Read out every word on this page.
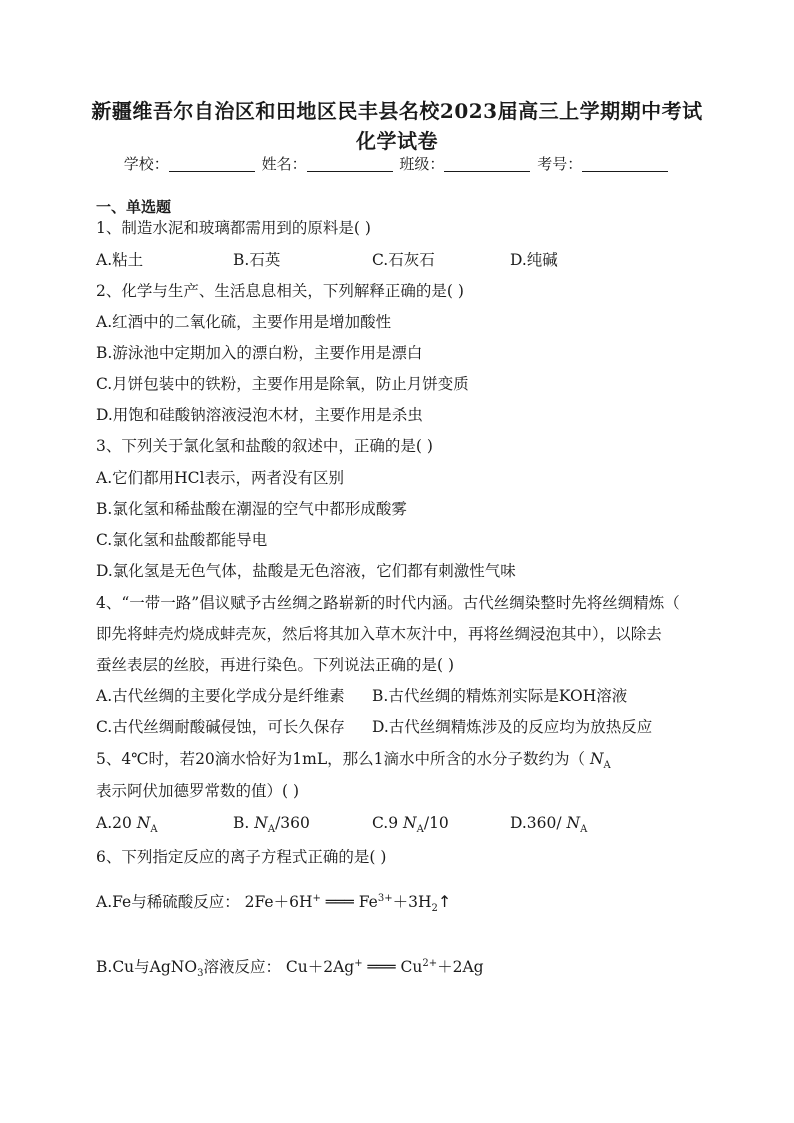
新疆维吾尔自治区和田地区民丰县名校2023届高三上学期期中考试
化学试卷
学校：	姓名：	班级：	考号：
一、单选题
1、制造水泥和玻璃都需用到的原料是( )
A.粘土	B.石英	C.石灰石	D.纯碱
2、化学与生产、生活息息相关，下列解释正确的是( )
A.红酒中的二氧化硫，主要作用是增加酸性
B.游泳池中定期加入的漂白粉，主要作用是漂白
C.月饼包装中的铁粉，主要作用是除氧，防止月饼变质
D.用饱和硅酸钠溶液浸泡木材，主要作用是杀虫
3、下列关于氯化氢和盐酸的叙述中，正确的是( )
A.它们都用HCl表示，两者没有区别
B.氯化氢和稀盐酸在潮湿的空气中都形成酸雾
C.氯化氢和盐酸都能导电
D.氯化氢是无色气体，盐酸是无色溶液，它们都有刺激性气味
4、“一带一路”倡议赋予古丝绸之路崭新的时代内涵。古代丝绸染整时先将丝绸精炼（
即先将蚌壳灼烧成蚌壳灰，然后将其加入草木灰汁中，再将丝绸浸泡其中），以除去
蚕丝表层的丝胶，再进行染色。下列说法正确的是( )
A.古代丝绸的主要化学成分是纤维素 B.古代丝绸的精炼剂实际是KOH溶液
C.古代丝绸耐酸碱侵蚀，可长久保存 D.古代丝绸精炼涉及的反应均为放热反应
5、4℃时，若20滴水恰好为1mL，那么1滴水中所含的水分子数约为（ $N_A$
表示阿伏加德罗常数的值）( )
A.20 $N_A$	B. $N_A/360$	C.9 $N_A/10$	D.360/ $N_A$
6、下列指定反应的离子方程式正确的是( )
A.Fe与稀硫酸反应： 2Fe＋6H+ ═══ $Fe^{3+}+3H_2↑$
B.Cu与AgNO$_3$溶液反应： Cu＋2Ag+ ═══ $Cu^{2+}+2Ag$
